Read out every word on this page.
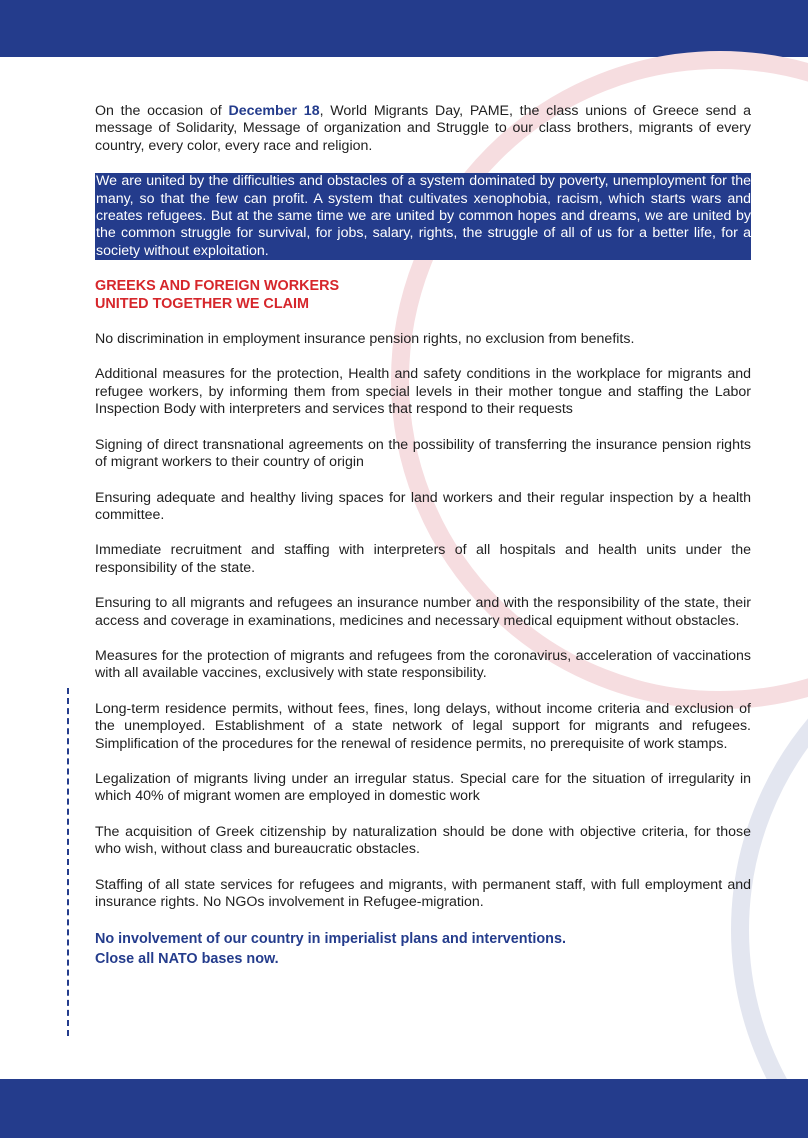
On the occasion of December 18, World Migrants Day, PAME, the class unions of Greece send a message of Solidarity, Message of organization and Struggle to our class brothers, migrants of every country, every color, every race and religion.

We are united by the difficulties and obstacles of a system dominated by poverty, unemployment for the many, so that the few can profit. A system that cultivates xenophobia, racism, which starts wars and creates refugees. But at the same time we are united by common hopes and dreams, we are united by the common struggle for survival, for jobs, salary, rights, the struggle of all of us for a better life, for a society without exploitation.

GREEKS AND FOREIGN WORKERS
UNITED TOGETHER WE CLAIM

No discrimination in employment insurance pension rights, no exclusion from benefits.

Additional measures for the protection, Health and safety conditions in the workplace for migrants and refugee workers, by informing them from special levels in their mother tongue and staffing the Labor Inspection Body with interpreters and services that respond to their requests

Signing of direct transnational agreements on the possibility of transferring the insurance pension rights of migrant workers to their country of origin

Ensuring adequate and healthy living spaces for land workers and their regular inspection by a health committee.

Immediate recruitment and staffing with interpreters of all hospitals and health units under the responsibility of the state.

Ensuring to all migrants and refugees an insurance number and with the responsibility of the state, their access and coverage in examinations, medicines and necessary medical equipment without obstacles.

Measures for the protection of migrants and refugees from the coronavirus, acceleration of vaccinations with all available vaccines, exclusively with state responsibility.

Long-term residence permits, without fees, fines, long delays, without income criteria and exclusion of the unemployed. Establishment of a state network of legal support for migrants and refugees. Simplification of the procedures for the renewal of residence permits, no prerequisite of work stamps.

Legalization of migrants living under an irregular status. Special care for the situation of irregularity in which 40% of migrant women are employed in domestic work

The acquisition of Greek citizenship by naturalization should be done with objective criteria, for those who wish, without class and bureaucratic obstacles.

Staffing of all state services for refugees and migrants, with permanent staff, with full employment and insurance rights. No NGOs involvement in Refugee-migration.

No involvement of our country in imperialist plans and interventions.
Close all NATO bases now.
